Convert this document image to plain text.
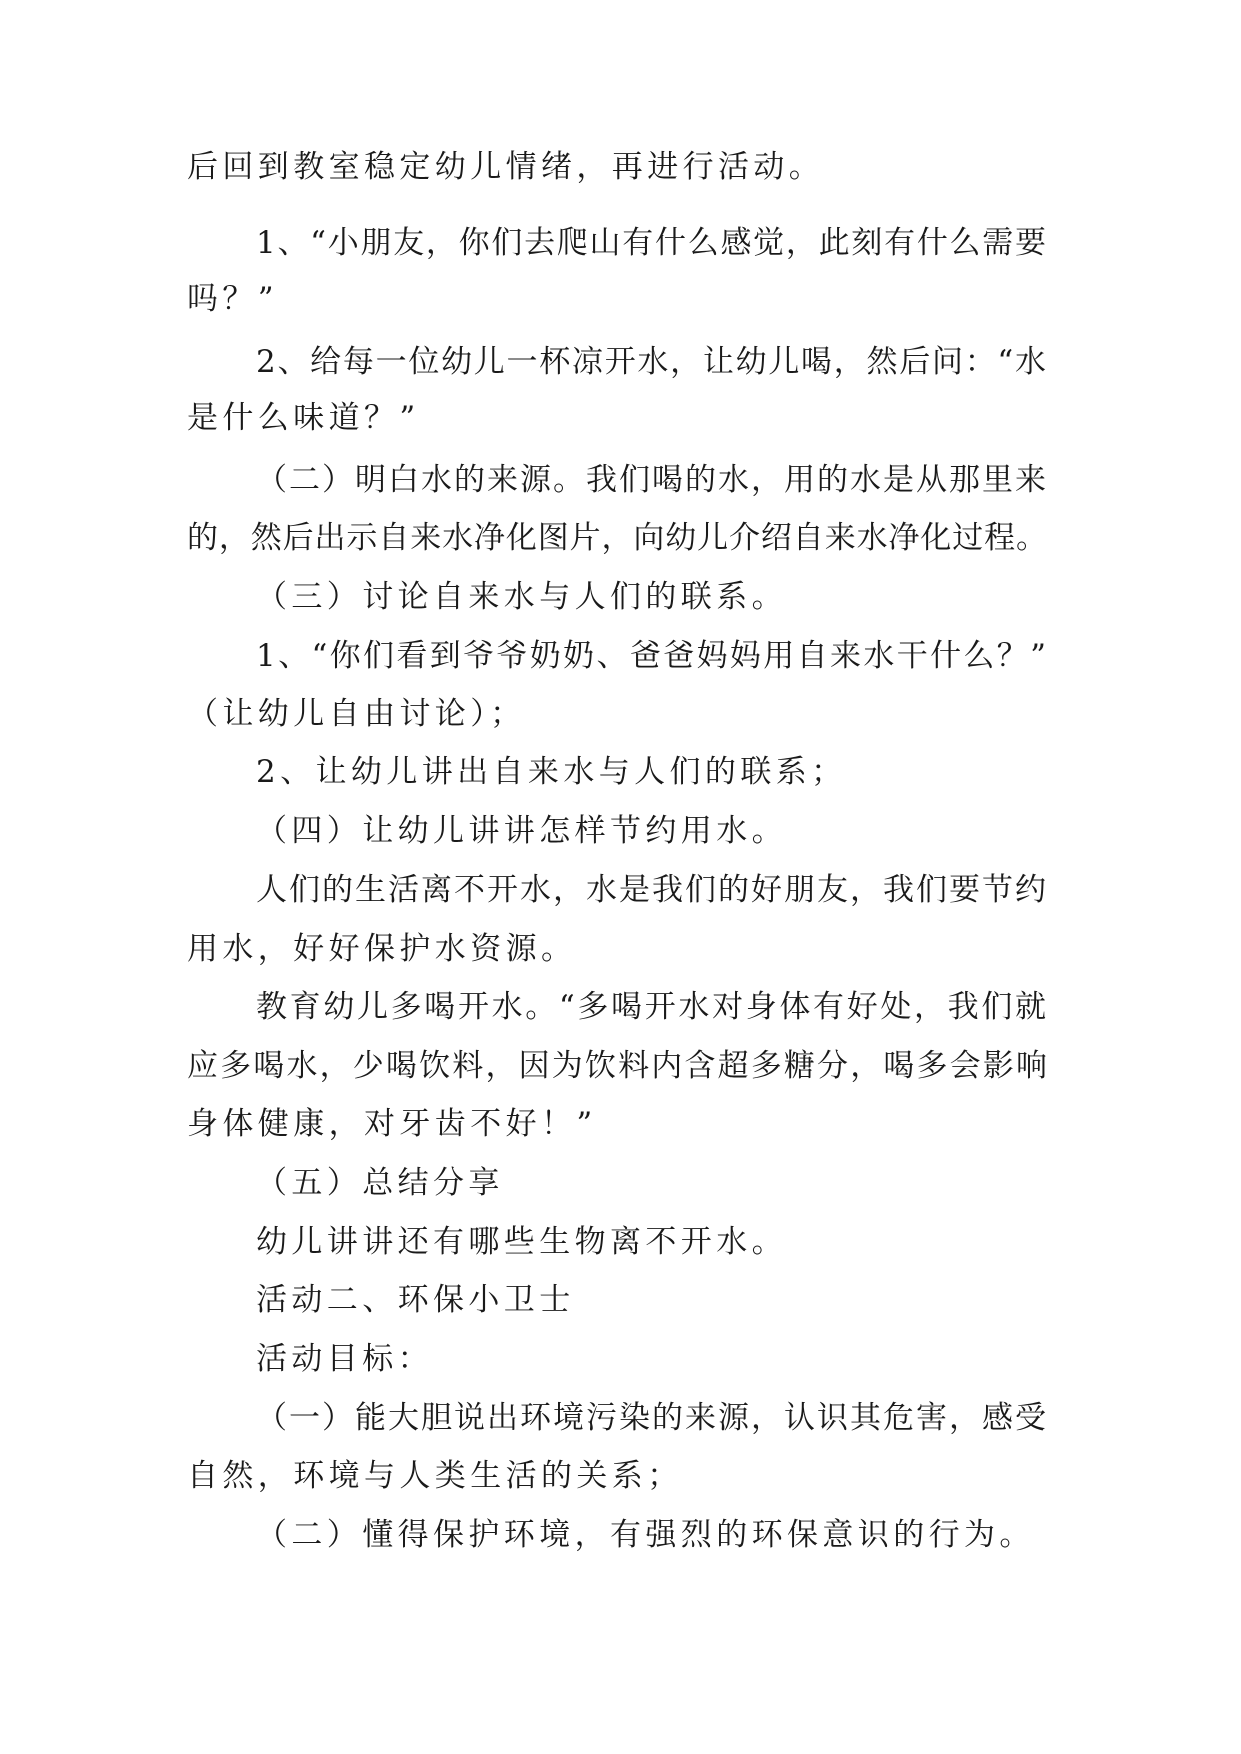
后回到教室稳定幼儿情绪，再进行活动。
1、“小朋友，你们去爬山有什么感觉，此刻有什么需要
吗？”
2、给每一位幼儿一杯凉开水，让幼儿喝，然后问：“水
是什么味道？”
（二）明白水的来源。我们喝的水，用的水是从那里来
的，然后出示自来水净化图片，向幼儿介绍自来水净化过程。
（三）讨论自来水与人们的联系。
1、“你们看到爷爷奶奶、爸爸妈妈用自来水干什么？”
（让幼儿自由讨论）；
2、让幼儿讲出自来水与人们的联系；
（四）让幼儿讲讲怎样节约用水。
人们的生活离不开水，水是我们的好朋友，我们要节约
用水，好好保护水资源。
教育幼儿多喝开水。“多喝开水对身体有好处，我们就
应多喝水，少喝饮料，因为饮料内含超多糖分，喝多会影响
身体健康，对牙齿不好！”
（五）总结分享
幼儿讲讲还有哪些生物离不开水。
活动二、环保小卫士
活动目标：
（一）能大胆说出环境污染的来源，认识其危害，感受
自然，环境与人类生活的关系；
（二）懂得保护环境，有强烈的环保意识的行为。
